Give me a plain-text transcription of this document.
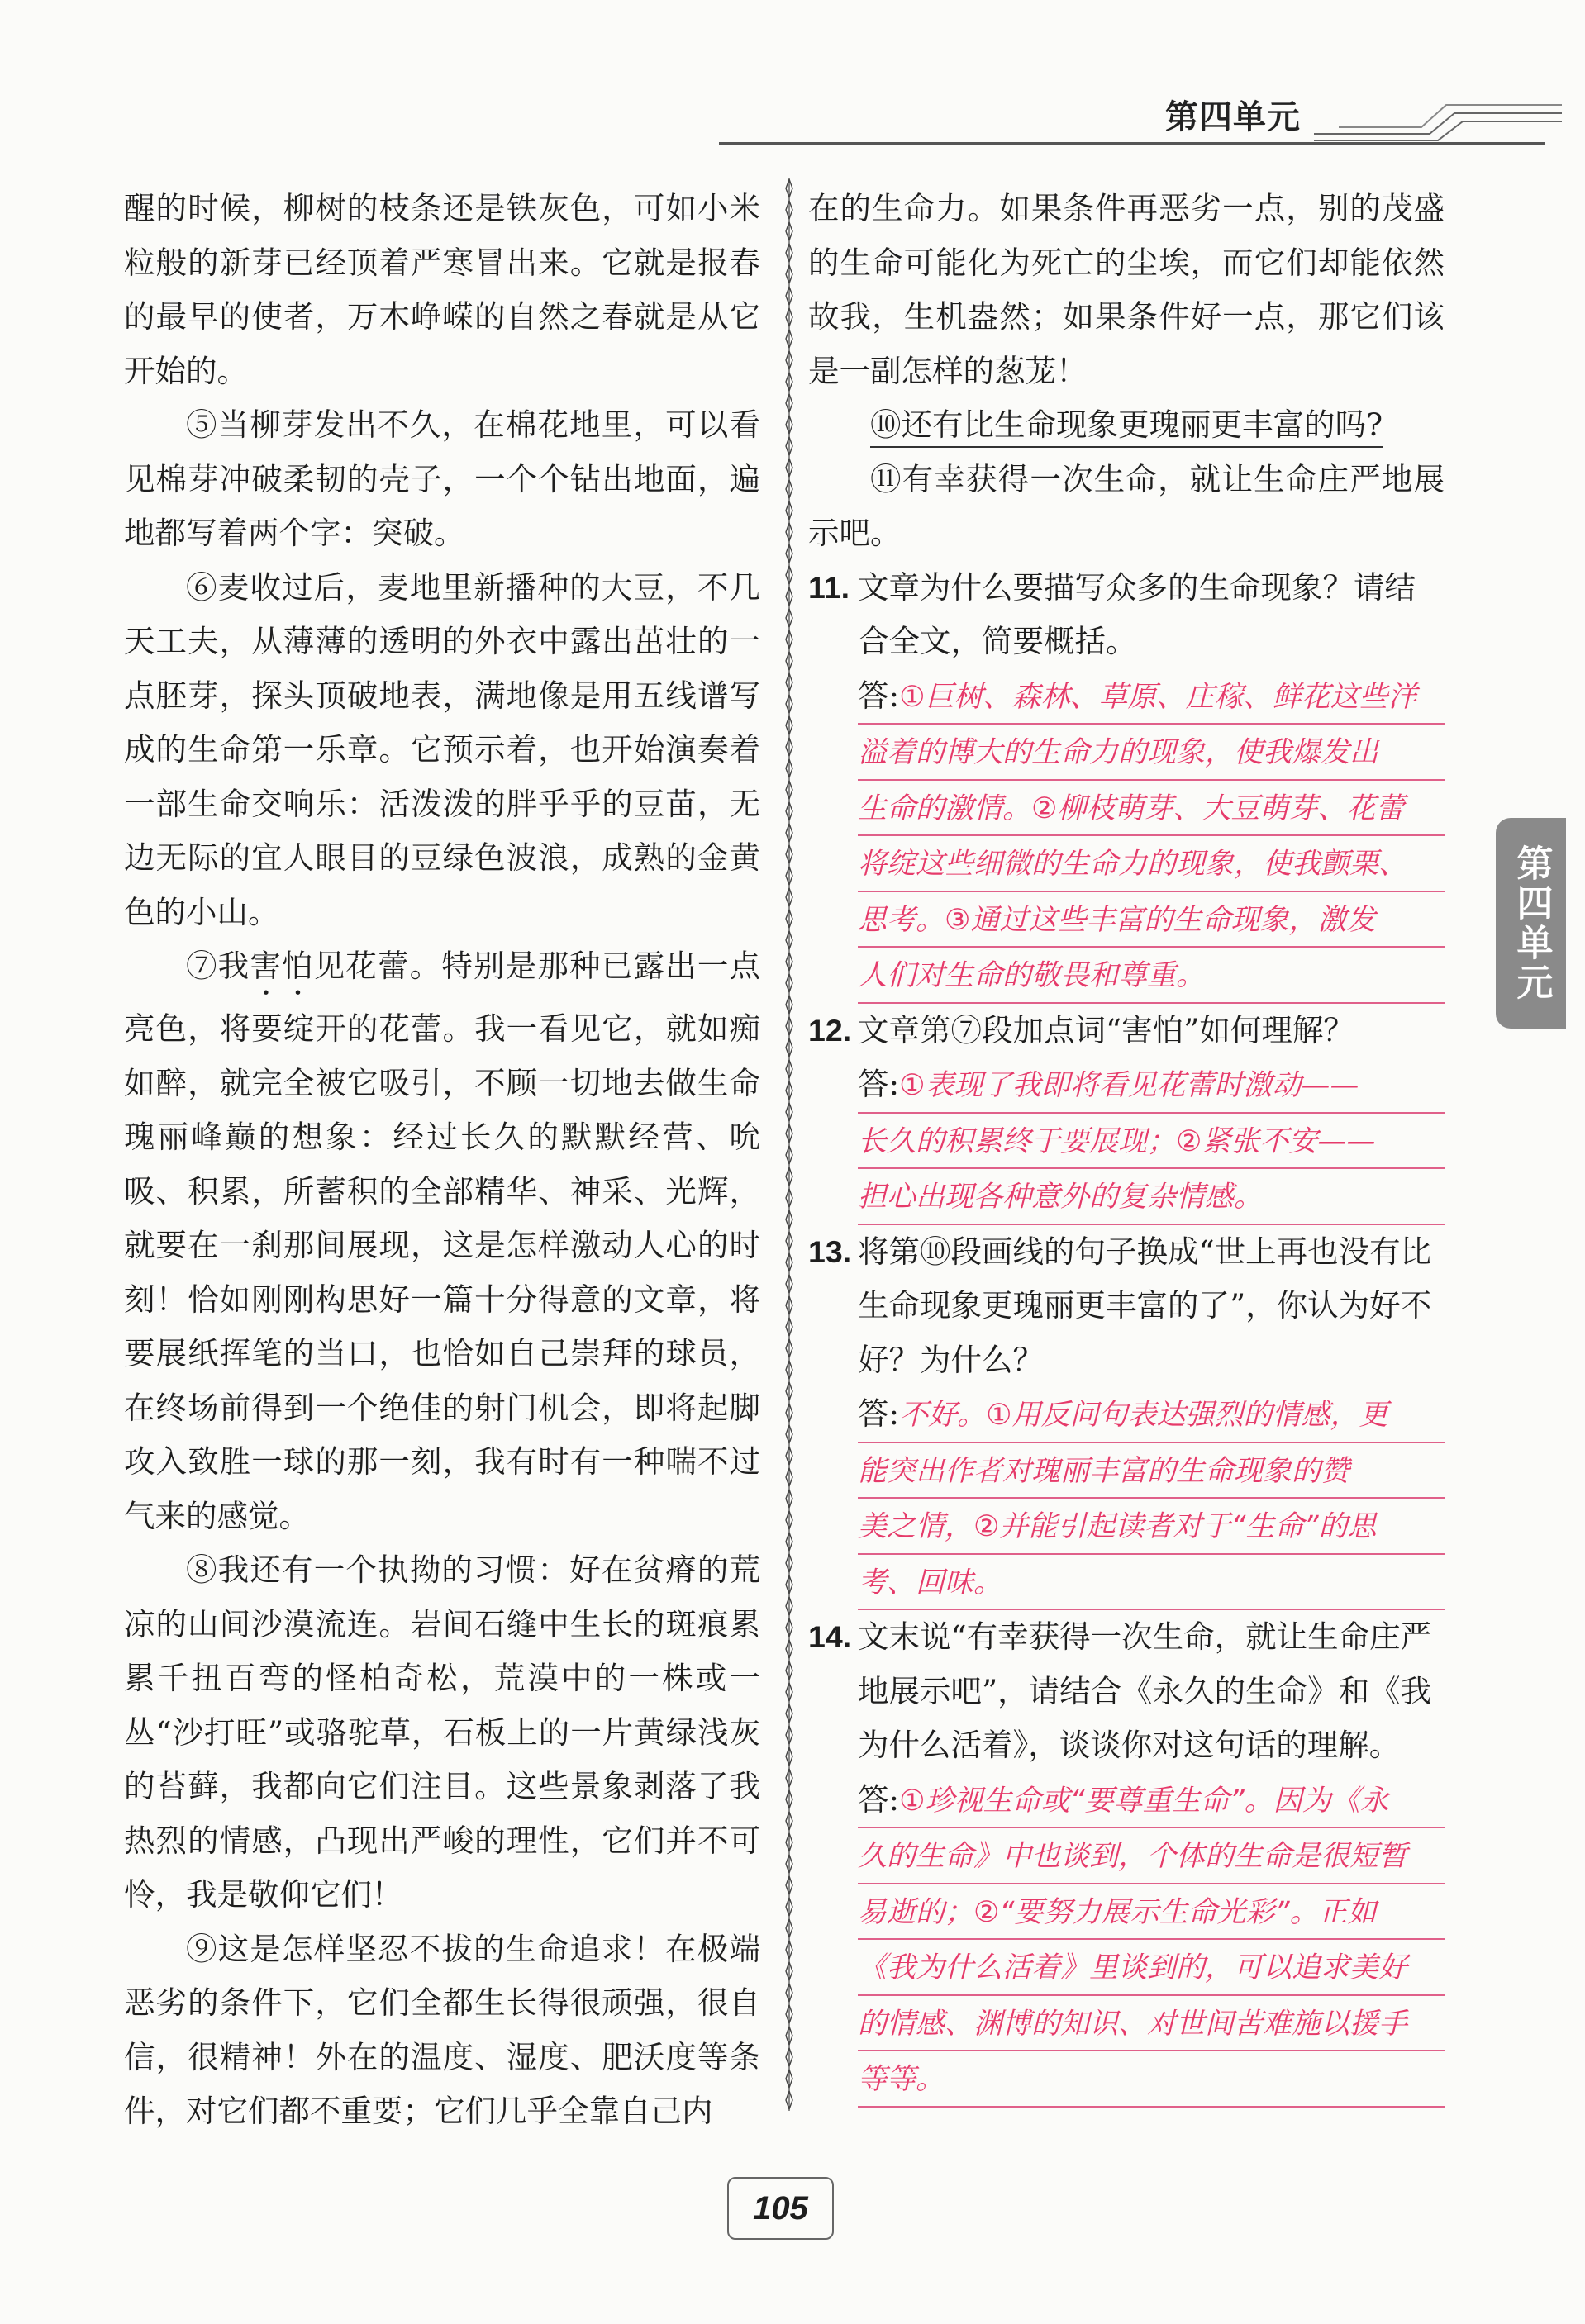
第四单元

醒的时候，柳树的枝条还是铁灰色，可如小米粒般的新芽已经顶着严寒冒出来。它就是报春的最早的使者，万木峥嵘的自然之春就是从它开始的。

⑤当柳芽发出不久，在棉花地里，可以看见棉芽冲破柔韧的壳子，一个个钻出地面，遍地都写着两个字：突破。

⑥麦收过后，麦地里新播种的大豆，不几天工夫，从薄薄的透明的外衣中露出茁壮的一点胚芽，探头顶破地表，满地像是用五线谱写成的生命第一乐章。它预示着，也开始演奏着一部生命交响乐：活泼泼的胖乎乎的豆苗，无边无际的宜人眼目的豆绿色波浪，成熟的金黄色的小山。

⑦我害怕见花蕾。特别是那种已露出一点亮色，将要绽开的花蕾。我一看见它，就如痴如醉，就完全被它吸引，不顾一切地去做生命瑰丽峰巅的想象：经过长久的默默经营、吮吸、积累，所蓄积的全部精华、神采、光辉，就要在一刹那间展现，这是怎样激动人心的时刻！恰如刚刚构思好一篇十分得意的文章，将要展纸挥笔的当口，也恰如自己崇拜的球员，在终场前得到一个绝佳的射门机会，即将起脚攻入致胜一球的那一刻，我有时有一种喘不过气来的感觉。

⑧我还有一个执拗的习惯：好在贫瘠的荒凉的山间沙漠流连。岩间石缝中生长的斑痕累累千扭百弯的怪柏奇松，荒漠中的一株或一丛“沙打旺”或骆驼草，石板上的一片黄绿浅灰的苔藓，我都向它们注目。这些景象剥落了我热烈的情感，凸现出严峻的理性，它们并不可怜，我是敬仰它们！

⑨这是怎样坚忍不拔的生命追求！在极端恶劣的条件下，它们全都生长得很顽强，很自信，很精神！外在的温度、湿度、肥沃度等条件，对它们都不重要；它们几乎全靠自己内

在的生命力。如果条件再恶劣一点，别的茂盛的生命可能化为死亡的尘埃，而它们却能依然故我，生机盎然；如果条件好一点，那它们该是一副怎样的葱茏！

⑩还有比生命现象更瑰丽更丰富的吗?

⑪有幸获得一次生命，就让生命庄严地展示吧。

11. 文章为什么要描写众多的生命现象？请结合全文，简要概括。

答:①巨树、森林、草原、庄稼、鲜花这些洋
溢着的博大的生命力的现象，使我爆发出
生命的激情。②柳枝萌芽、大豆萌芽、花蕾
将绽这些细微的生命力的现象，使我颤栗、
思考。③通过这些丰富的生命现象，激发
人们对生命的敬畏和尊重。

12. 文章第⑦段加点词“害怕”如何理解？

答:①表现了我即将看见花蕾时激动——
长久的积累终于要展现；②紧张不安——
担心出现各种意外的复杂情感。

13. 将第⑩段画线的句子换成“世上再也没有比生命现象更瑰丽更丰富的了”，你认为好不好？为什么？

答:不好。①用反问句表达强烈的情感，更
能突出作者对瑰丽丰富的生命现象的赞
美之情，②并能引起读者对于“生命”的思
考、回味。

14. 文末说“有幸获得一次生命，就让生命庄严地展示吧”，请结合《永久的生命》和《我为什么活着》，谈谈你对这句话的理解。

答:①珍视生命或“要尊重生命”。因为《永
久的生命》中也谈到，个体的生命是很短暂
易逝的；②“要努力展示生命光彩”。正如
《我为什么活着》里谈到的，可以追求美好
的情感、渊博的知识、对世间苦难施以援手
等等。
第四单元
105
